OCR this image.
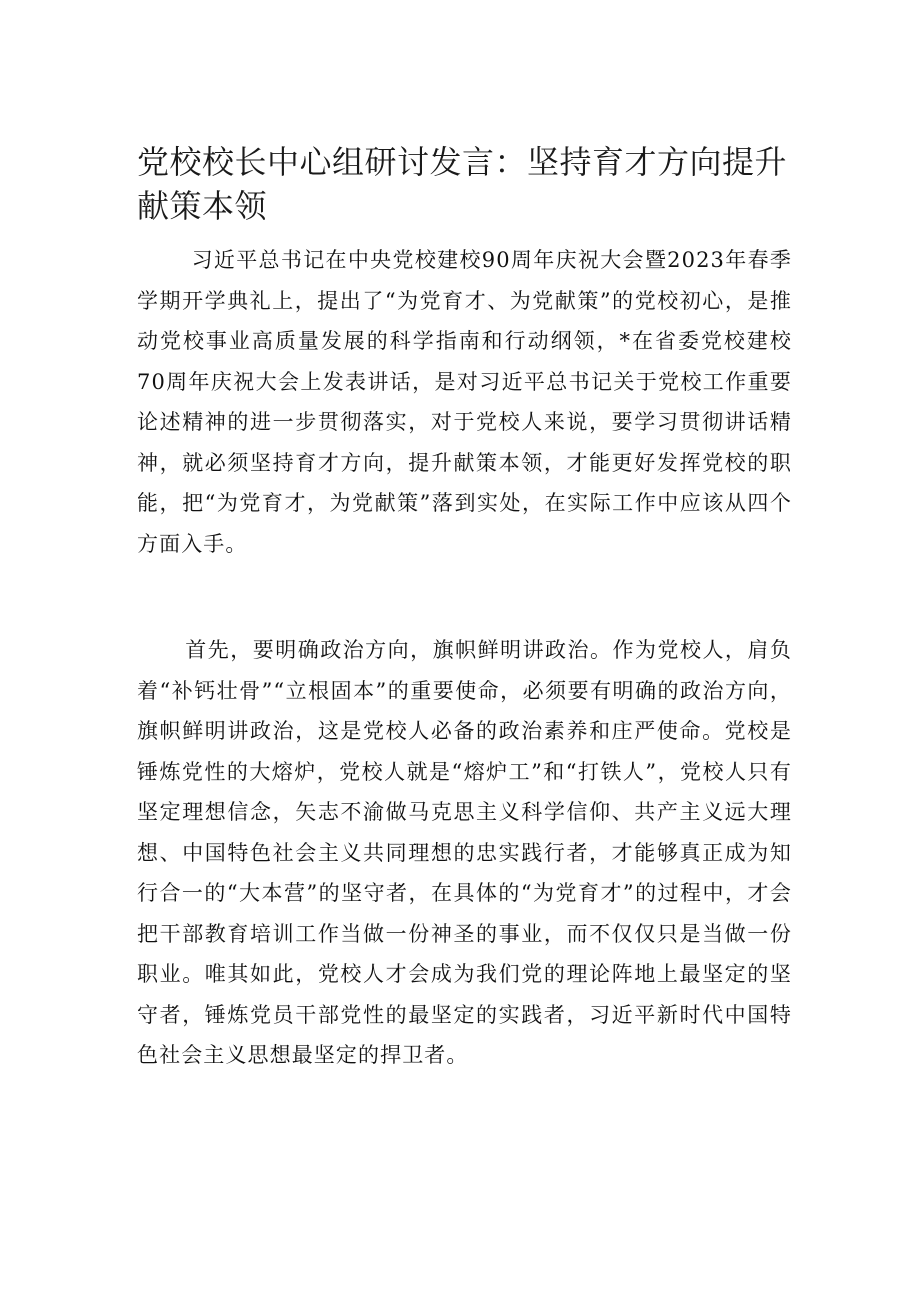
党校校长中心组研讨发言：坚持育才方向提升献策本领

习近平总书记在中央党校建校90周年庆祝大会暨2023年春季学期开学典礼上，提出了“为党育才、为党献策”的党校初心，是推动党校事业高质量发展的科学指南和行动纲领，*在省委党校建校70周年庆祝大会上发表讲话，是对习近平总书记关于党校工作重要论述精神的进一步贯彻落实，对于党校人来说，要学习贯彻讲话精神，就必须坚持育才方向，提升献策本领，才能更好发挥党校的职能，把“为党育才，为党献策”落到实处，在实际工作中应该从四个方面入手。

首先，要明确政治方向，旗帜鲜明讲政治。作为党校人，肩负着“补钙壮骨”“立根固本”的重要使命，必须要有明确的政治方向，旗帜鲜明讲政治，这是党校人必备的政治素养和庄严使命。党校是锤炼党性的大熔炉，党校人就是“熔炉工”和“打铁人”，党校人只有坚定理想信念，矢志不渝做马克思主义科学信仰、共产主义远大理想、中国特色社会主义共同理想的忠实践行者，才能够真正成为知行合一的“大本营”的坚守者，在具体的“为党育才”的过程中，才会把干部教育培训工作当做一份神圣的事业，而不仅仅只是当做一份职业。唯其如此，党校人才会成为我们党的理论阵地上最坚定的坚守者，锤炼党员干部党性的最坚定的实践者，习近平新时代中国特色社会主义思想最坚定的捍卫者。
